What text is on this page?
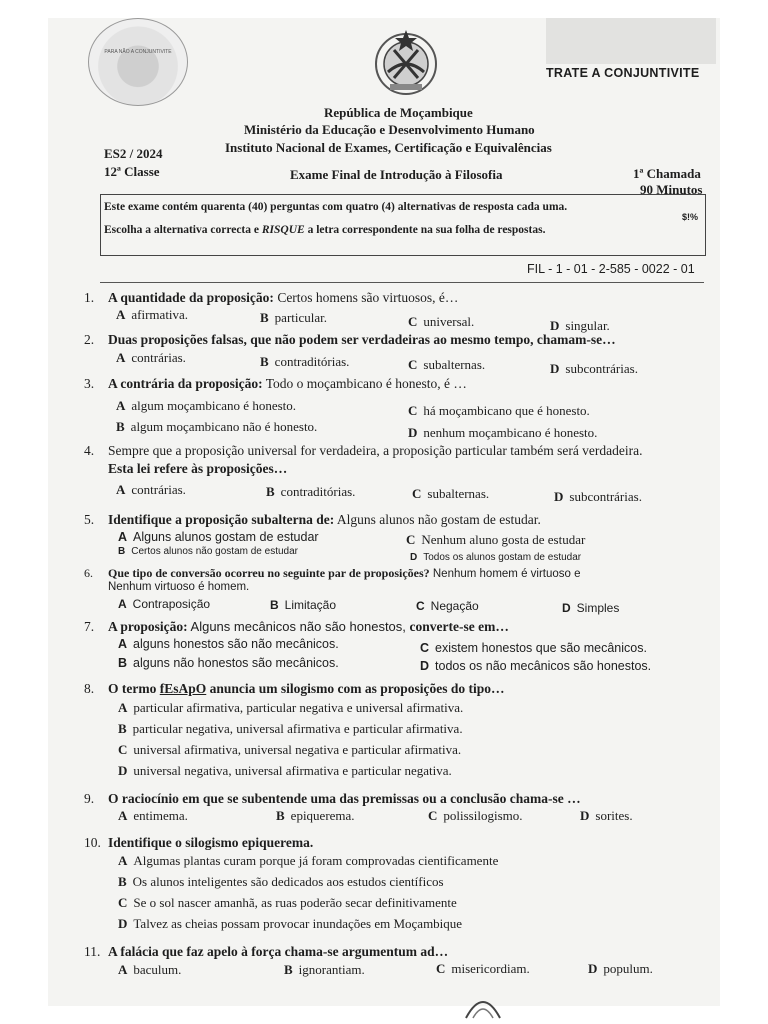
PARA NÃO A CONJUNTIVITE
TRATE A CONJUNTIVITE
República de Moçambique
Ministério da Educação e Desenvolvimento Humano
Instituto Nacional de Exames, Certificação e Equivalências
ES2 / 2024
12ª Classe	Exame Final de Introdução à Filosofia	1ª Chamada
90 Minutos
Este exame contém quarenta (40) perguntas com quatro (4) alternativas de resposta cada uma.
Escolha a alternativa correcta e RISQUE a letra correspondente na sua folha de respostas.
$!%
FIL - 1 - 01 - 2-585 - 0022 - 01
1. A quantidade da proposição: Certos homens são virtuosos, é…
A afirmativa.	B particular.	C universal.	D singular.
2. Duas proposições falsas, que não podem ser verdadeiras ao mesmo tempo, chamam-se…
A contrárias.	B contraditórias.	C subalternas.	D subcontrárias.
3. A contrária da proposição: Todo o moçambicano é honesto, é …
A algum moçambicano é honesto.	C há moçambicano que é honesto.
B algum moçambicano não é honesto.	D nenhum moçambicano é honesto.
4. Sempre que a proposição universal for verdadeira, a proposição particular também será verdadeira.
Esta lei refere às proposições…
A contrárias.	B contraditórias.	C subalternas.	D subcontrárias.
5. Identifique a proposição subalterna de: Alguns alunos não gostam de estudar.
A Alguns alunos gostam de estudar	C Nenhum aluno gosta de estudar
B Certos alunos não gostam de estudar
D Todos os alunos gostam de estudar
6. Que tipo de conversão ocorreu no seguinte par de proposições? Nenhum homem é virtuoso e
Nenhum virtuoso é homem.
A Contraposição	B Limitação	C Negação	D Simples
7. A proposição: Alguns mecânicos não são honestos, converte-se em…
A alguns honestos são não mecânicos.	C existem honestos que são mecânicos.
B alguns não honestos são mecânicos.	D todos os não mecânicos são honestos.
8. O termo fEsApO anuncia um silogismo com as proposições do tipo…
A particular afirmativa, particular negativa e universal afirmativa.
B particular negativa, universal afirmativa e particular afirmativa.
C universal afirmativa, universal negativa e particular afirmativa.
D universal negativa, universal afirmativa e particular negativa.
9. O raciocínio em que se subentende uma das premissas ou a conclusão chama-se …
A entimema.	B epiquerema.	C polissilogismo.	D sorites.
10. Identifique o silogismo epiquerema.
A Algumas plantas curam porque já foram comprovadas cientificamente
B Os alunos inteligentes são dedicados aos estudos científicos
C Se o sol nascer amanhã, as ruas poderão secar definitivamente
D Talvez as cheias possam provocar inundações em Moçambique
11. A falácia que faz apelo à força chama-se argumentum ad…
A baculum.	B ignorantiam.	C misericordiam.	D populum.
